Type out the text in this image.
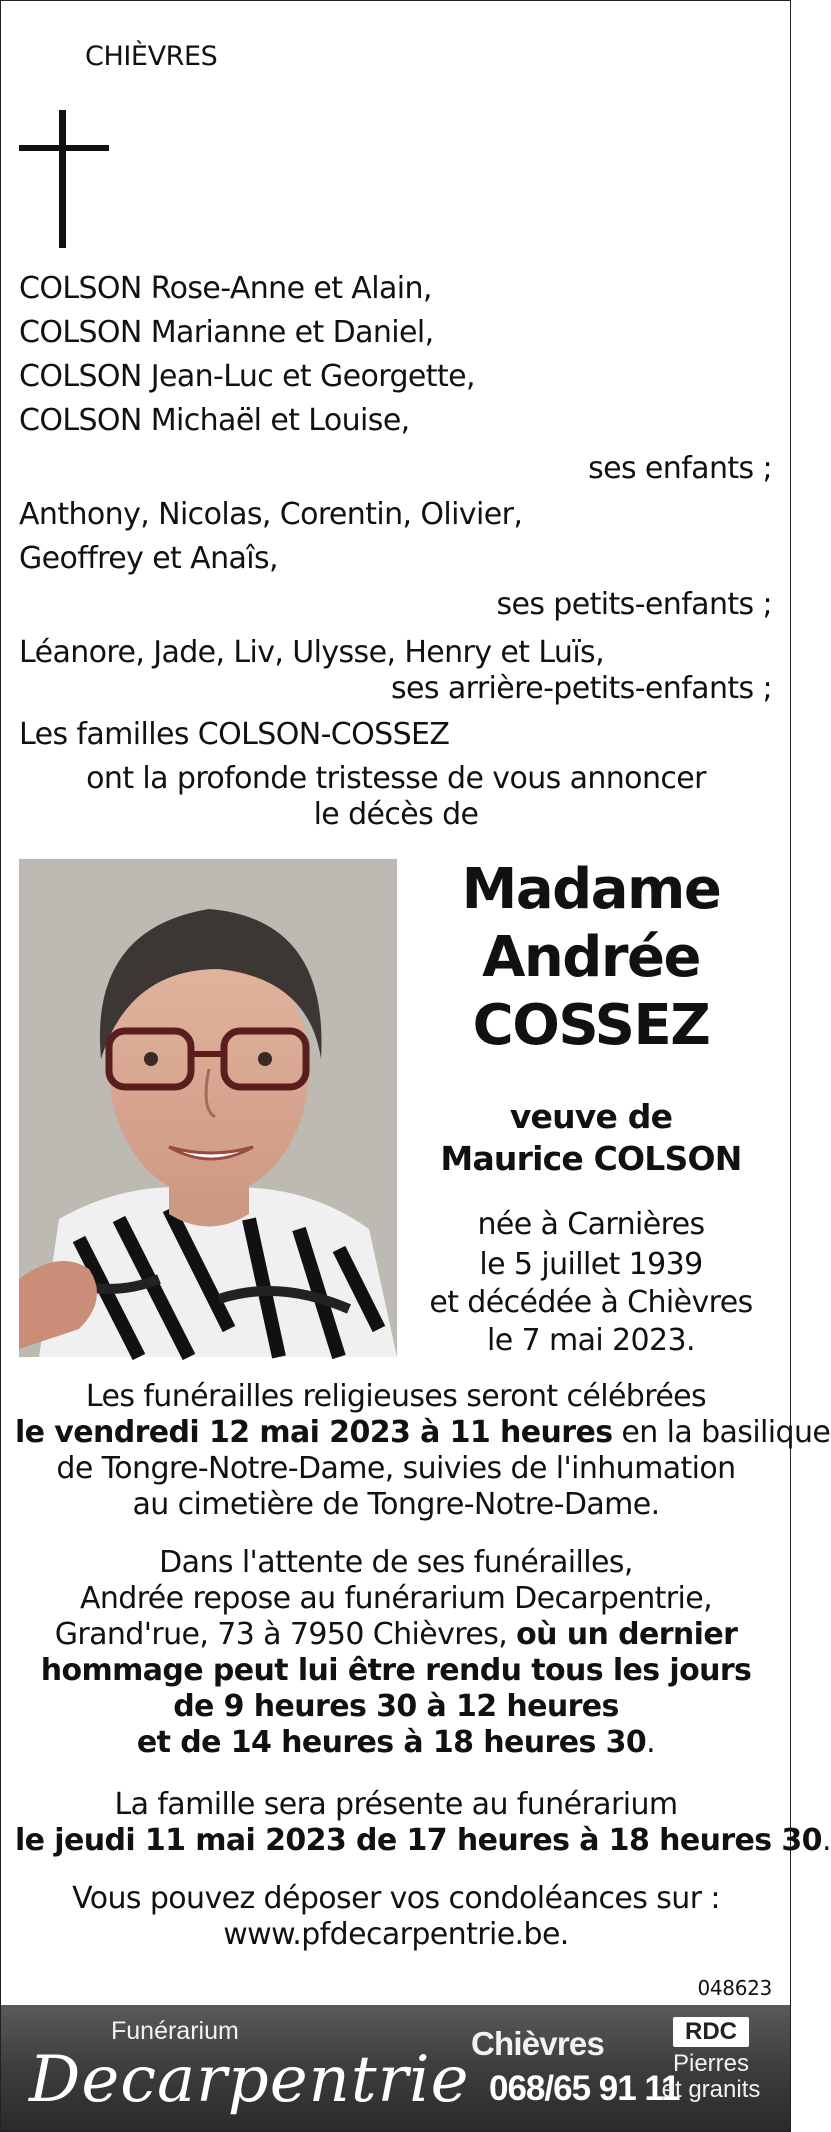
CHIÈVRES
COLSON Rose-Anne et Alain,
COLSON Marianne et Daniel,
COLSON Jean-Luc et Georgette,
COLSON Michaël et Louise,
ses enfants ;
Anthony, Nicolas, Corentin, Olivier,
Geoffrey et Anaîs,
ses petits-enfants ;
Léanore, Jade, Liv, Ulysse, Henry et Luïs,
ses arrière-petits-enfants ;
Les familles COLSON-COSSEZ
ont la profonde tristesse de vous annoncer
le décès de
Madame
Andrée
COSSEZ
veuve de
Maurice COLSON
née à Carnières
le 5 juillet 1939
et décédée à Chièvres
le 7 mai 2023.
Les funérailles religieuses seront célébrées
le vendredi 12 mai 2023 à 11 heures en la basilique
de Tongre-Notre-Dame, suivies de l'inhumation
au cimetière de Tongre-Notre-Dame.
Dans l'attente de ses funérailles,
Andrée repose au funérarium Decarpentrie,
Grand'rue, 73 à 7950 Chièvres, où un dernier
hommage peut lui être rendu tous les jours
de 9 heures 30 à 12 heures
et de 14 heures à 18 heures 30.
La famille sera présente au funérarium
le jeudi 11 mai 2023 de 17 heures à 18 heures 30.
Vous pouvez déposer vos condoléances sur :
www.pfdecarpentrie.be.
048623
Funérarium
Decarpentrie Chièvres
068/65 91 11
RDC
Pierres
et granits
